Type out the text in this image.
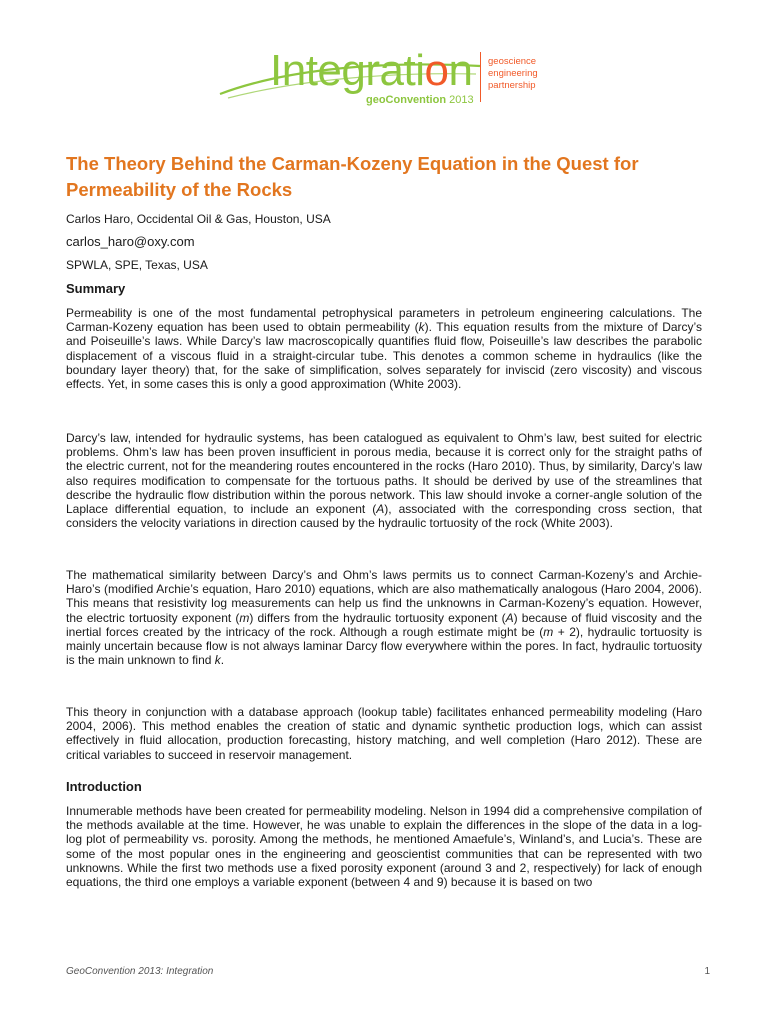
Integration
geoConvention 2013
geoscience
engineering
partnership
The Theory Behind the Carman-Kozeny Equation in the Quest for Permeability of the Rocks

Carlos Haro, Occidental Oil & Gas, Houston, USA

carlos_haro@oxy.com

SPWLA, SPE, Texas, USA

Summary

Permeability is one of the most fundamental petrophysical parameters in petroleum engineering calculations. The Carman-Kozeny equation has been used to obtain permeability (k). This equation results from the mixture of Darcy’s and Poiseuille’s laws. While Darcy’s law macroscopically quantifies fluid flow, Poiseuille’s law describes the parabolic displacement of a viscous fluid in a straight-circular tube. This denotes a common scheme in hydraulics (like the boundary layer theory) that, for the sake of simplification, solves separately for inviscid (zero viscosity) and viscous effects. Yet, in some cases this is only a good approximation (White 2003).

Darcy’s law, intended for hydraulic systems, has been catalogued as equivalent to Ohm’s law, best suited for electric problems. Ohm’s law has been proven insufficient in porous media, because it is correct only for the straight paths of the electric current, not for the meandering routes encountered in the rocks (Haro 2010). Thus, by similarity, Darcy’s law also requires modification to compensate for the tortuous paths. It should be derived by use of the streamlines that describe the hydraulic flow distribution within the porous network. This law should invoke a corner-angle solution of the Laplace differential equation, to include an exponent (A), associated with the corresponding cross section, that considers the velocity variations in direction caused by the hydraulic tortuosity of the rock (White 2003).

The mathematical similarity between Darcy’s and Ohm’s laws permits us to connect Carman-Kozeny’s and Archie-Haro’s (modified Archie’s equation, Haro 2010) equations, which are also mathematically analogous (Haro 2004, 2006). This means that resistivity log measurements can help us find the unknowns in Carman-Kozeny’s equation. However, the electric tortuosity exponent (m) differs from the hydraulic tortuosity exponent (A) because of fluid viscosity and the inertial forces created by the intricacy of the rock. Although a rough estimate might be (m + 2), hydraulic tortuosity is mainly uncertain because flow is not always laminar Darcy flow everywhere within the pores. In fact, hydraulic tortuosity is the main unknown to find k.

This theory in conjunction with a database approach (lookup table) facilitates enhanced permeability modeling (Haro 2004, 2006). This method enables the creation of static and dynamic synthetic production logs, which can assist effectively in fluid allocation, production forecasting, history matching, and well completion (Haro 2012). These are critical variables to succeed in reservoir management.

Introduction

Innumerable methods have been created for permeability modeling. Nelson in 1994 did a comprehensive compilation of the methods available at the time. However, he was unable to explain the differences in the slope of the data in a log-log plot of permeability vs. porosity. Among the methods, he mentioned Amaefule’s, Winland’s, and Lucia’s. These are some of the most popular ones in the engineering and geoscientist communities that can be represented with two unknowns. While the first two methods use a fixed porosity exponent (around 3 and 2, respectively) for lack of enough equations, the third one employs a variable exponent (between 4 and 9) because it is based on two

GeoConvention 2013: Integration	1
